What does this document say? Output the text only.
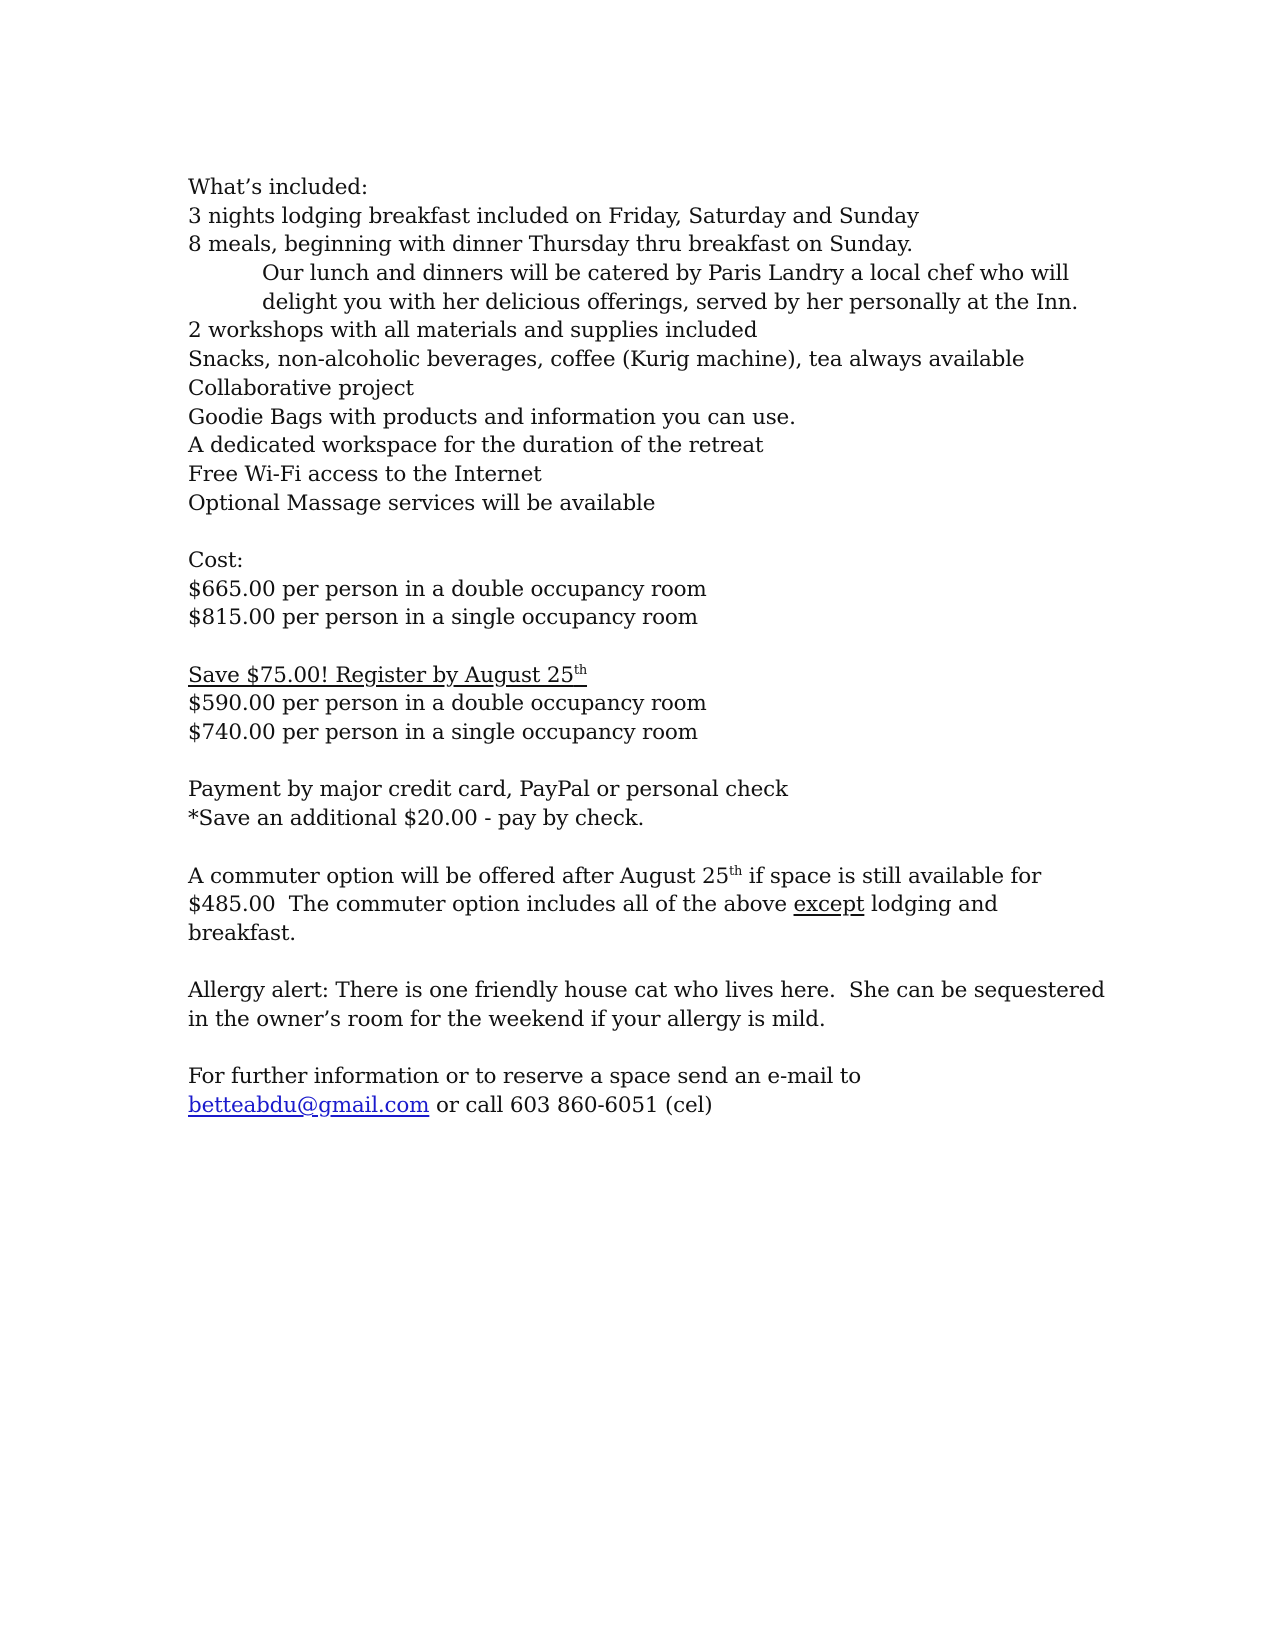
What’s included:
3 nights lodging breakfast included on Friday, Saturday and Sunday
8 meals, beginning with dinner Thursday thru breakfast on Sunday.
Our lunch and dinners will be catered by Paris Landry a local chef who will
delight you with her delicious offerings, served by her personally at the Inn.
2 workshops with all materials and supplies included
Snacks, non-alcoholic beverages, coffee (Kurig machine), tea always available
Collaborative project
Goodie Bags with products and information you can use.
A dedicated workspace for the duration of the retreat
Free Wi-Fi access to the Internet
Optional Massage services will be available
Cost:
$665.00 per person in a double occupancy room
$815.00 per person in a single occupancy room
Save $75.00! Register by August 25th
$590.00 per person in a double occupancy room
$740.00 per person in a single occupancy room
Payment by major credit card, PayPal or personal check
*Save an additional $20.00 - pay by check.
A commuter option will be offered after August 25th if space is still available for
$485.00  The commuter option includes all of the above except lodging and
breakfast.
Allergy alert: There is one friendly house cat who lives here.  She can be sequestered
in the owner’s room for the weekend if your allergy is mild.
For further information or to reserve a space send an e-mail to
betteabdu@gmail.com or call 603 860-6051 (cel)
